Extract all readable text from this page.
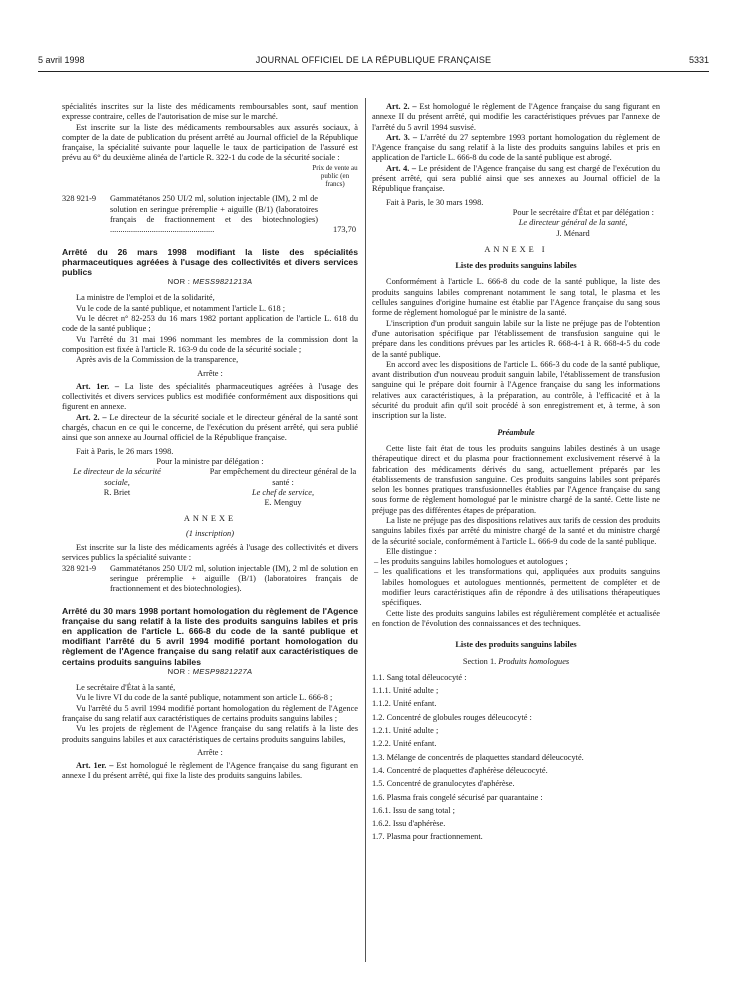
5 avril 1998	JOURNAL OFFICIEL DE LA RÉPUBLIQUE FRANÇAISE	5331

spécialités inscrites sur la liste des médicaments remboursables sont, sauf mention expresse contraire, celles de l'autorisation de mise sur le marché.

Est inscrite sur la liste des médicaments remboursables aux assurés sociaux, à compter de la date de publication du présent arrêté au Journal officiel de la République française, la spécialité suivante pour laquelle le taux de participation de l'assuré est prévu au 6° du deuxième alinéa de l'article R. 322-1 du code de la sécurité sociale :

Prix de vente au public (en francs)
328 921-9	Gammatétanos 250 UI/2 ml, solution injectable (IM), 2 ml de solution en seringue préremplie + aiguille (B/1) (laboratoires français de fractionnement et des biotechnologies) ..................................................	173,70

Arrêté du 26 mars 1998 modifiant la liste des spécialités pharmaceutiques agréées à l'usage des collectivités et divers services publics

NOR : MESS9821213A

La ministre de l'emploi et de la solidarité,

Vu le code de la santé publique, et notamment l'article L. 618 ;

Vu le décret n° 82-253 du 16 mars 1982 portant application de l'article L. 618 du code de la santé publique ;

Vu l'arrêté du 31 mai 1996 nommant les membres de la commission dont la composition est fixée à l'article R. 163-9 du code de la sécurité sociale ;

Après avis de la Commission de la transparence,

Arrête :

Art. 1er. – La liste des spécialités pharmaceutiques agréées à l'usage des collectivités et divers services publics est modifiée conformément aux dispositions qui figurent en annexe.

Art. 2. – Le directeur de la sécurité sociale et le directeur général de la santé sont chargés, chacun en ce qui le concerne, de l'exécution du présent arrêté, qui sera publié ainsi que son annexe au Journal officiel de la République française.

Fait à Paris, le 26 mars 1998.

Pour la ministre par délégation :

Le directeur de la sécurité sociale,
R. Briet
Par empêchement du directeur général de la santé :
Le chef de service,
E. Menguy

ANNEXE

(1 inscription)

Est inscrite sur la liste des médicaments agréés à l'usage des collectivités et divers services publics la spécialité suivante :

328 921-9	Gammatétanos 250 UI/2 ml, solution injectable (IM), 2 ml de solution en seringue préremplie + aiguille (B/1) (laboratoires français de fractionnement et des biotechnologies).

Arrêté du 30 mars 1998 portant homologation du règlement de l'Agence française du sang relatif à la liste des produits sanguins labiles et pris en application de l'article L. 666-8 du code de la santé publique et modifiant l'arrêté du 5 avril 1994 modifié portant homologation du règlement de l'Agence française du sang relatif aux caractéristiques de certains produits sanguins labiles

NOR : MESP9821227A

Le secrétaire d'État à la santé,

Vu le livre VI du code de la santé publique, notamment son article L. 666-8 ;

Vu l'arrêté du 5 avril 1994 modifié portant homologation du règlement de l'Agence française du sang relatif aux caractéristiques de certains produits sanguins labiles ;

Vu les projets de règlement de l'Agence française du sang relatifs à la liste des produits sanguins labiles et aux caractéristiques de certains produits sanguins labiles,

Arrête :

Art. 1er. – Est homologué le règlement de l'Agence française du sang figurant en annexe I du présent arrêté, qui fixe la liste des produits sanguins labiles.

Art. 2. – Est homologué le règlement de l'Agence française du sang figurant en annexe II du présent arrêté, qui modifie les caractéristiques prévues par l'annexe de l'arrêté du 5 avril 1994 susvisé.

Art. 3. – L'arrêté du 27 septembre 1993 portant homologation du règlement de l'Agence française du sang relatif à la liste des produits sanguins labiles et pris en application de l'article L. 666-8 du code de la santé publique est abrogé.

Art. 4. – Le président de l'Agence française du sang est chargé de l'exécution du présent arrêté, qui sera publié ainsi que ses annexes au Journal officiel de la République française.

Fait à Paris, le 30 mars 1998.

Pour le secrétaire d'État et par délégation :
Le directeur général de la santé,
J. Ménard

ANNEXE I

Liste des produits sanguins labiles

Conformément à l'article L. 666-8 du code de la santé publique, la liste des produits sanguins labiles comprenant notamment le sang total, le plasma et les cellules sanguines d'origine humaine est établie par l'Agence française du sang sous forme de règlement homologué par le ministre de la santé.

L'inscription d'un produit sanguin labile sur la liste ne préjuge pas de l'obtention d'une autorisation spécifique par l'établissement de transfusion sanguine qui le prépare dans les conditions prévues par les articles R. 668-4-1 à R. 668-4-5 du code de la santé publique.

En accord avec les dispositions de l'article L. 666-3 du code de la santé publique, avant distribution d'un nouveau produit sanguin labile, l'établissement de transfusion sanguine qui le prépare doit fournir à l'Agence française du sang les informations relatives aux caractéristiques, à la préparation, au contrôle, à l'efficacité et à la sécurité du produit afin qu'il soit procédé à son enregistrement et, à terme, à son inscription sur la liste.

Préambule

Cette liste fait état de tous les produits sanguins labiles destinés à un usage thérapeutique direct et du plasma pour fractionnement exclusivement réservé à la fabrication des médicaments dérivés du sang, actuellement préparés par les établissements de transfusion sanguine. Ces produits sanguins labiles sont préparés selon les bonnes pratiques transfusionnelles établies par l'Agence française du sang sous forme de règlement homologué par le ministre chargé de la santé. Cette liste ne préjuge pas des différentes étapes de préparation.

La liste ne préjuge pas des dispositions relatives aux tarifs de cession des produits sanguins labiles fixés par arrêté du ministre chargé de la santé et du ministre chargé de la sécurité sociale, conformément à l'article L. 666-9 du code de la santé publique.

Elle distingue :

– les produits sanguins labiles homologues et autologues ;

– les qualifications et les transformations qui, appliquées aux produits sanguins labiles homologues et autologues mentionnés, permettent de compléter et de modifier leurs caractéristiques afin de répondre à des utilisations thérapeutiques spécifiques.

Cette liste des produits sanguins labiles est régulièrement complétée et actualisée en fonction de l'évolution des connaissances et des techniques.

Liste des produits sanguins labiles

Section 1. Produits homologues

1.1. Sang total déleucocyté :
1.1.1. Unité adulte ;
1.1.2. Unité enfant.
1.2. Concentré de globules rouges déleucocyté :
1.2.1. Unité adulte ;
1.2.2. Unité enfant.
1.3. Mélange de concentrés de plaquettes standard déleucocyté.
1.4. Concentré de plaquettes d'aphérèse déleucocyté.
1.5. Concentré de granulocytes d'aphérèse.
1.6. Plasma frais congelé sécurisé par quarantaine :
1.6.1. Issu de sang total ;
1.6.2. Issu d'aphérèse.
1.7. Plasma pour fractionnement.
